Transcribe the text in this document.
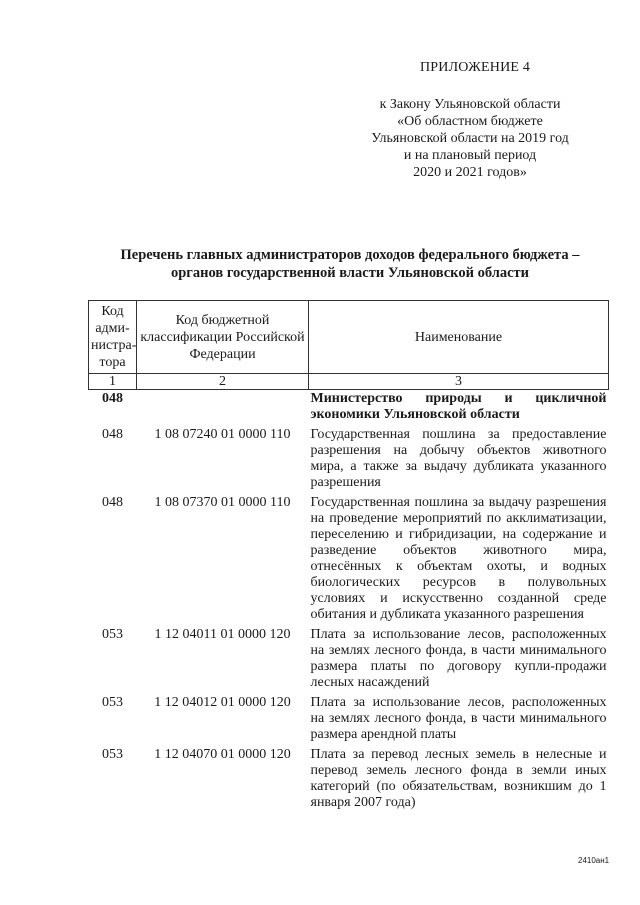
ПРИЛОЖЕНИЕ 4
к Закону Ульяновской области
«Об областном бюджете
Ульяновской области на 2019 год
и на плановый период
2020 и 2021 годов»
Перечень главных администраторов доходов федерального бюджета –
органов государственной власти Ульяновской области
Код адми-нистра-тора	Код бюджетной классификации Российской Федерации	Наименование
1	2	3
048		Министерство природы и цикличной экономики Ульяновской области
048	1 08 07240 01 0000 110	Государственная пошлина за предоставление разрешения на добычу объектов животного мира, а также за выдачу дубликата указанного разрешения
048	1 08 07370 01 0000 110	Государственная пошлина за выдачу разрешения на проведение мероприятий по акклиматизации, переселению и гибридизации, на содержание и разведение объектов животного мира, отнесённых к объектам охоты, и водных биологических ресурсов в полувольных условиях и искусственно созданной среде обитания и дубликата указанного разрешения
053	1 12 04011 01 0000 120	Плата за использование лесов, расположенных на землях лесного фонда, в части минимального размера платы по договору купли-продажи лесных насаждений
053	1 12 04012 01 0000 120	Плата за использование лесов, расположенных на землях лесного фонда, в части минимального размера арендной платы
053	1 12 04070 01 0000 120	Плата за перевод лесных земель в нелесные и перевод земель лесного фонда в земли иных категорий (по обязательствам, возникшим до 1 января 2007 года)
2410ан1
